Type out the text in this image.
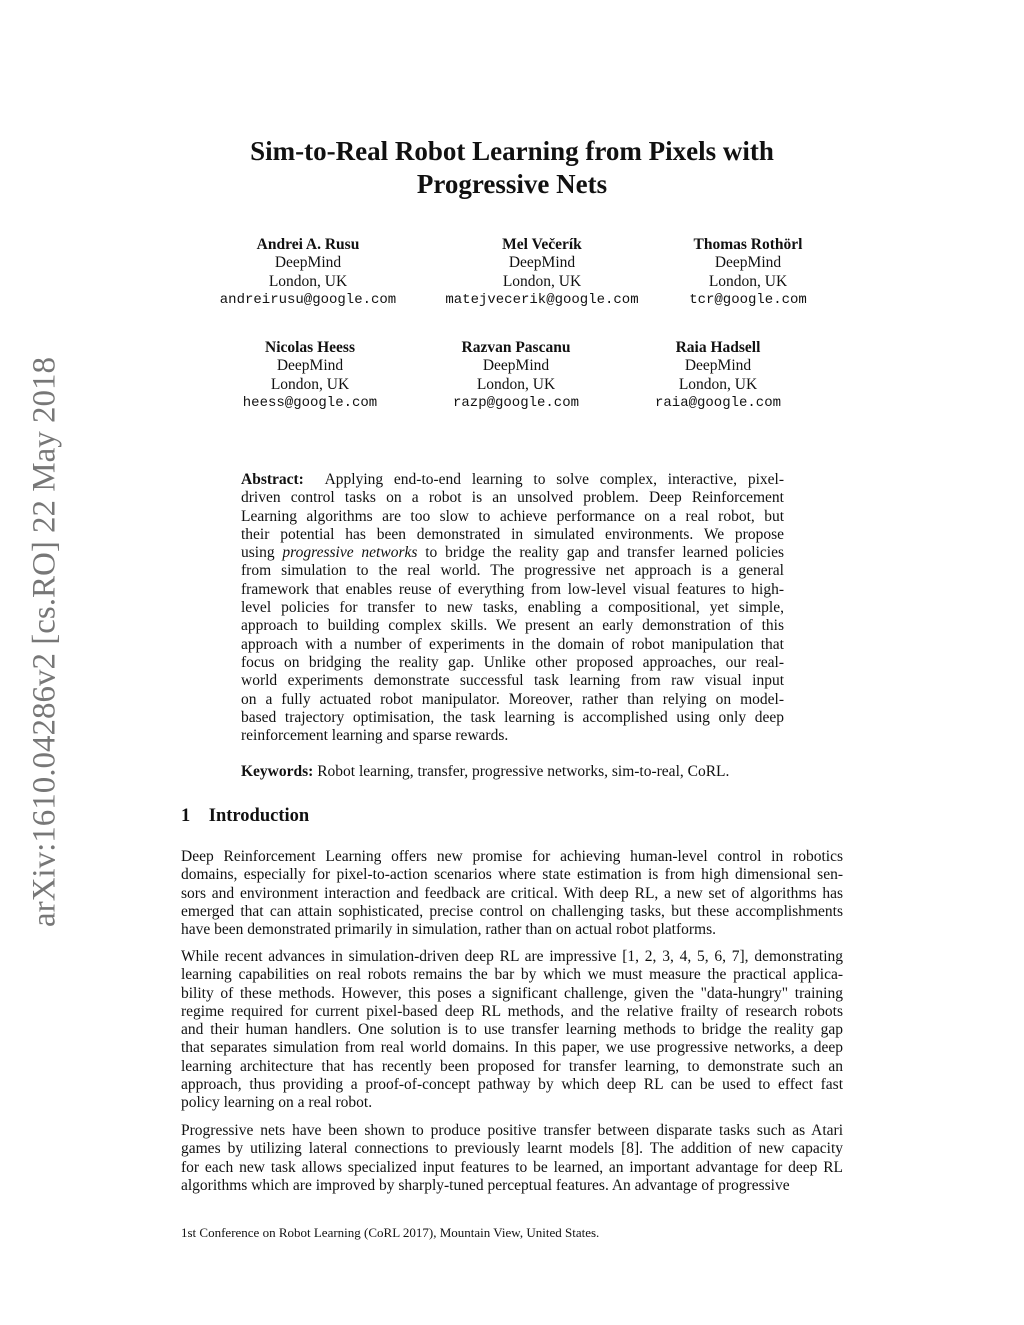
arXiv:1610.04286v2 [cs.RO] 22 May 2018
Sim-to-Real Robot Learning from Pixels with
Progressive Nets
Andrei A. Rusu
DeepMind
London, UK
andreirusu@google.com
Mel Večerík
DeepMind
London, UK
matejvecerik@google.com
Thomas Rothörl
DeepMind
London, UK
tcr@google.com
Nicolas Heess
DeepMind
London, UK
heess@google.com
Razvan Pascanu
DeepMind
London, UK
razp@google.com
Raia Hadsell
DeepMind
London, UK
raia@google.com
Abstract: Applying end-to-end learning to solve complex, interactive, pixel-
driven control tasks on a robot is an unsolved problem. Deep Reinforcement
Learning algorithms are too slow to achieve performance on a real robot, but
their potential has been demonstrated in simulated environments. We propose
using progressive networks to bridge the reality gap and transfer learned policies
from simulation to the real world. The progressive net approach is a general
framework that enables reuse of everything from low-level visual features to high-
level policies for transfer to new tasks, enabling a compositional, yet simple,
approach to building complex skills. We present an early demonstration of this
approach with a number of experiments in the domain of robot manipulation that
focus on bridging the reality gap. Unlike other proposed approaches, our real-
world experiments demonstrate successful task learning from raw visual input
on a fully actuated robot manipulator. Moreover, rather than relying on model-
based trajectory optimisation, the task learning is accomplished using only deep
reinforcement learning and sparse rewards.
Keywords: Robot learning, transfer, progressive networks, sim-to-real, CoRL.
1    Introduction
Deep Reinforcement Learning offers new promise for achieving human-level control in robotics
domains, especially for pixel-to-action scenarios where state estimation is from high dimensional sen-
sors and environment interaction and feedback are critical. With deep RL, a new set of algorithms has
emerged that can attain sophisticated, precise control on challenging tasks, but these accomplishments
have been demonstrated primarily in simulation, rather than on actual robot platforms.
While recent advances in simulation-driven deep RL are impressive [1, 2, 3, 4, 5, 6, 7], demonstrating
learning capabilities on real robots remains the bar by which we must measure the practical applica-
bility of these methods. However, this poses a significant challenge, given the "data-hungry" training
regime required for current pixel-based deep RL methods, and the relative frailty of research robots
and their human handlers. One solution is to use transfer learning methods to bridge the reality gap
that separates simulation from real world domains. In this paper, we use progressive networks, a deep
learning architecture that has recently been proposed for transfer learning, to demonstrate such an
approach, thus providing a proof-of-concept pathway by which deep RL can be used to effect fast
policy learning on a real robot.
Progressive nets have been shown to produce positive transfer between disparate tasks such as Atari
games by utilizing lateral connections to previously learnt models [8]. The addition of new capacity
for each new task allows specialized input features to be learned, an important advantage for deep RL
algorithms which are improved by sharply-tuned perceptual features. An advantage of progressive
1st Conference on Robot Learning (CoRL 2017), Mountain View, United States.
